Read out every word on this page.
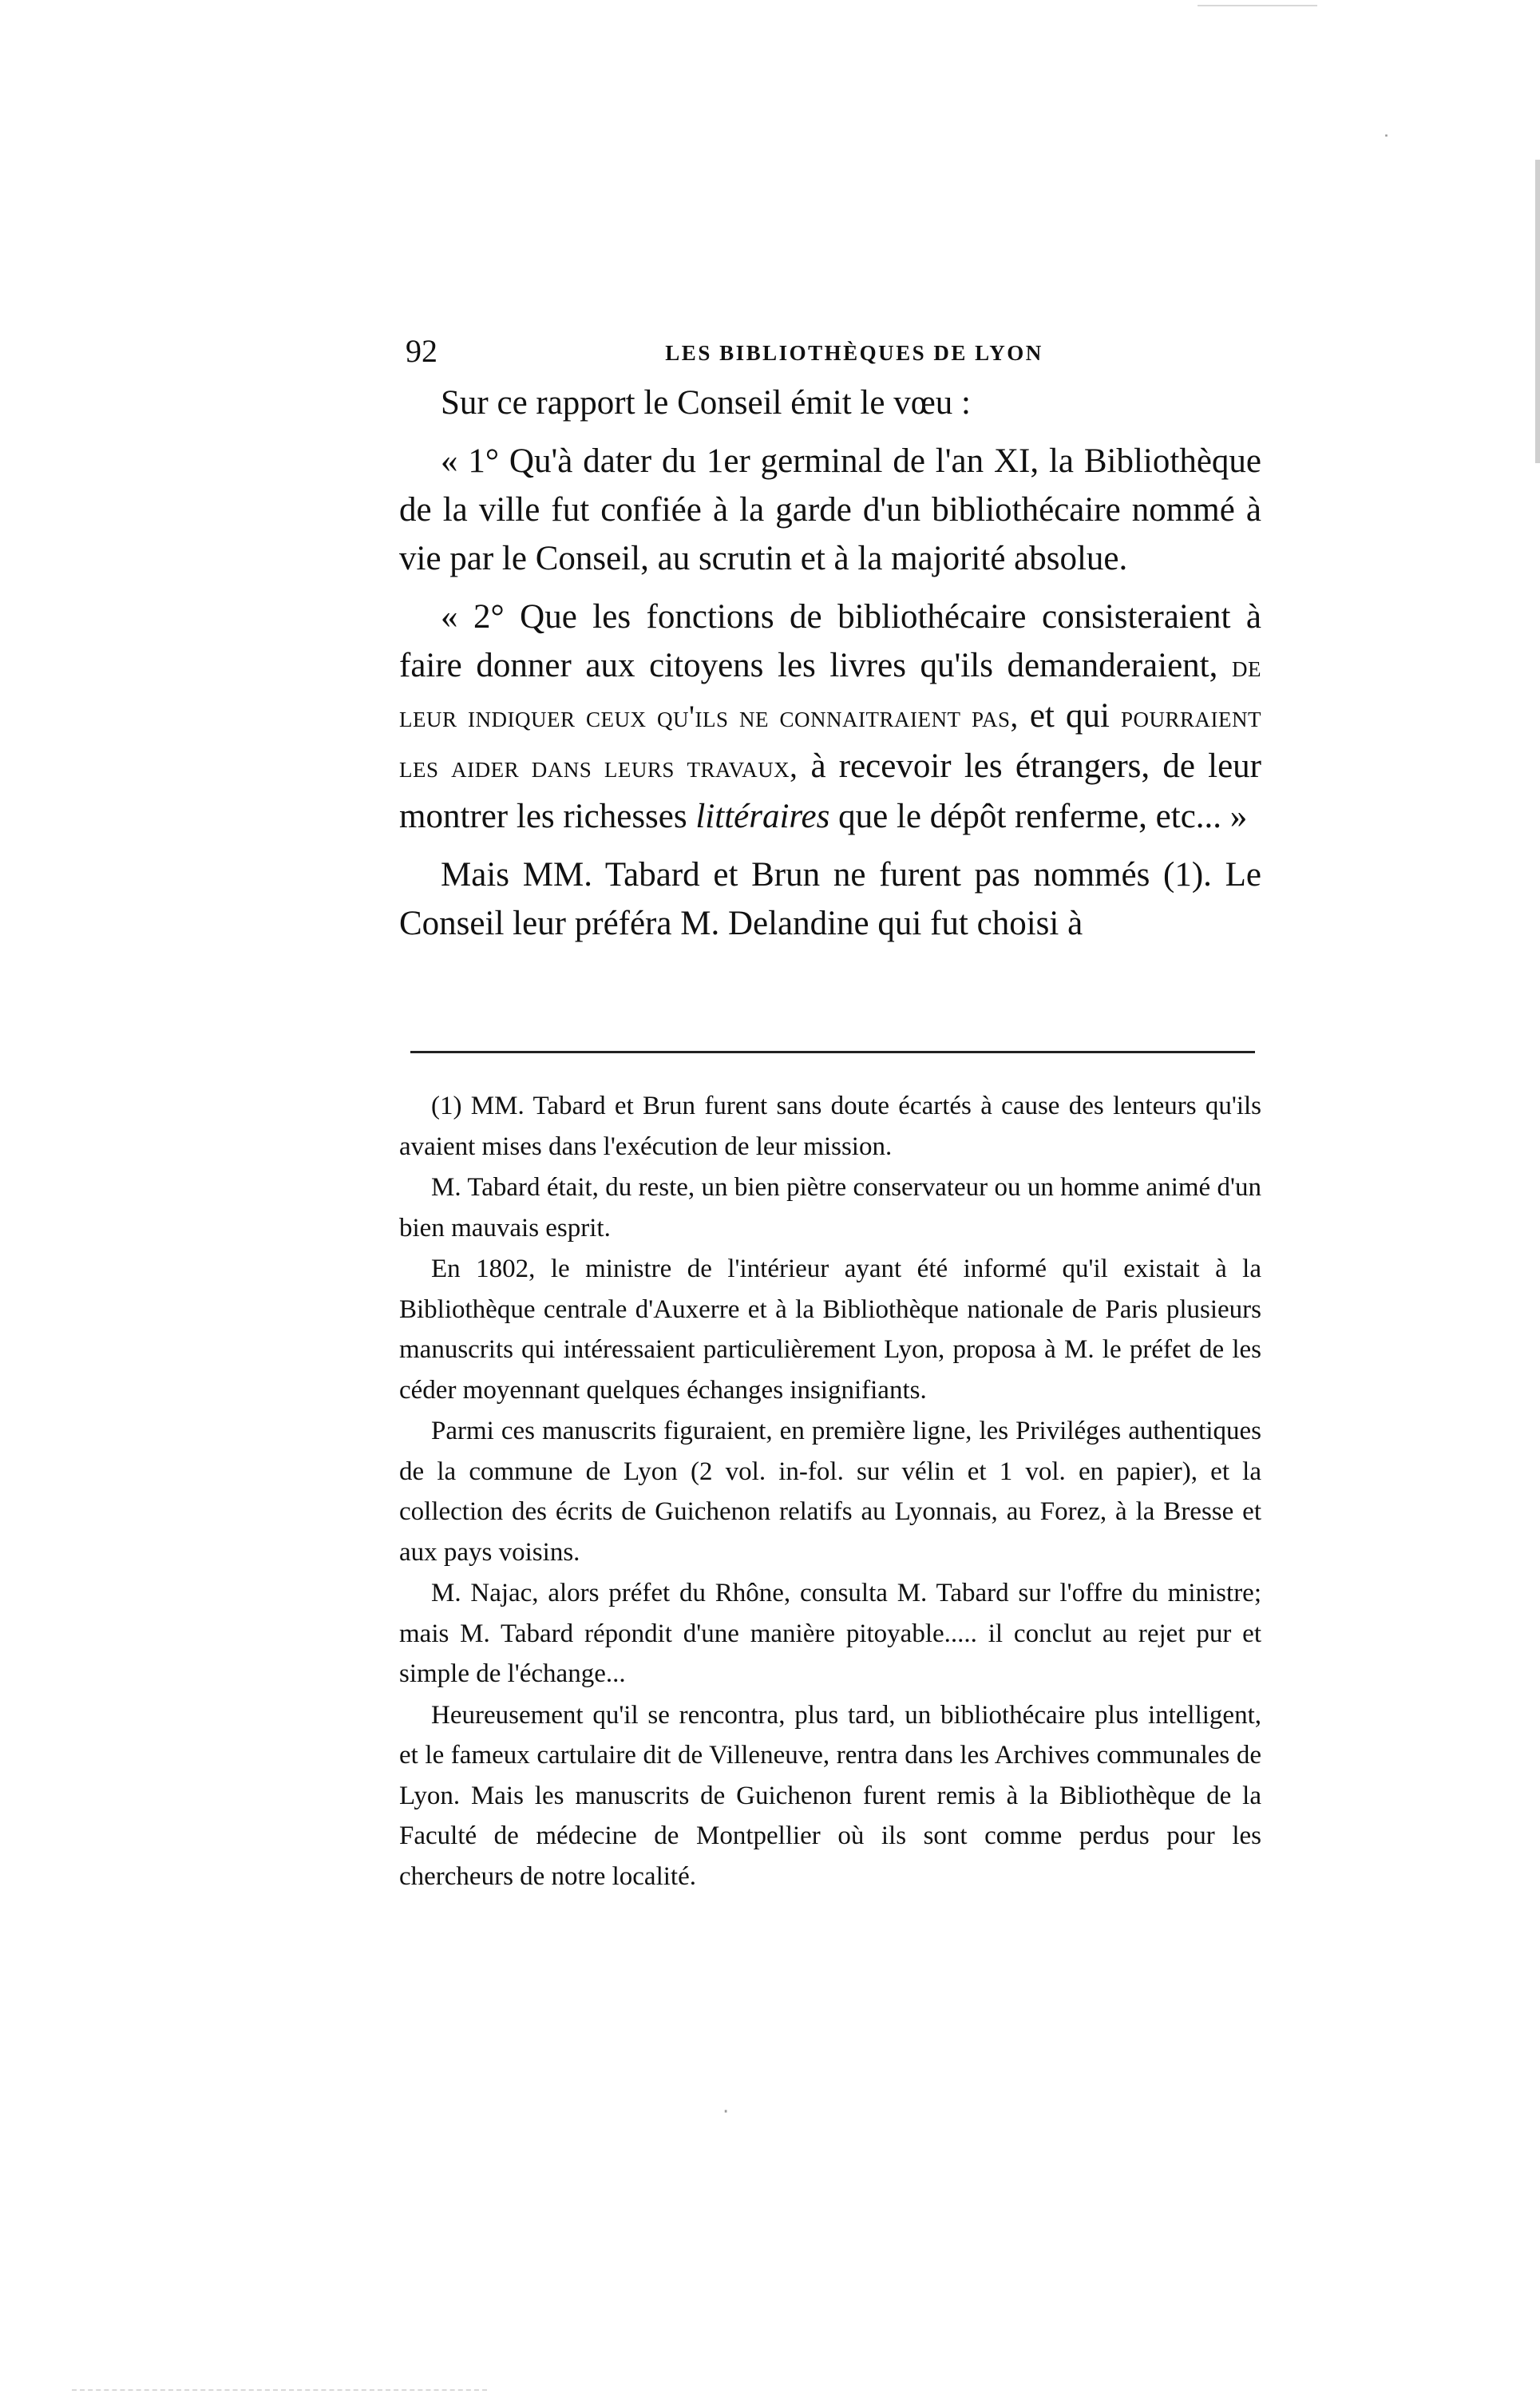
˙
92	LES BIBLIOTHÈQUES DE LYON

Sur ce rapport le Conseil émit le vœu :

« 1° Qu'à dater du 1er germinal de l'an XI, la Bibliothèque de la ville fut confiée à la garde d'un bibliothécaire nommé à vie par le Conseil, au scrutin et à la majorité absolue.

« 2° Que les fonctions de bibliothécaire consisteraient à faire donner aux citoyens les livres qu'ils demanderaient, de leur indiquer ceux qu'ils ne connaitraient pas, et qui pourraient les aider dans leurs travaux, à recevoir les étrangers, de leur montrer les richesses littéraires que le dépôt renferme, etc... »

Mais MM. Tabard et Brun ne furent pas nommés (1). Le Conseil leur préféra M. Delandine qui fut choisi à

(1) MM. Tabard et Brun furent sans doute écartés à cause des lenteurs qu'ils avaient mises dans l'exécution de leur mission.

M. Tabard était, du reste, un bien piètre conservateur ou un homme animé d'un bien mauvais esprit.

En 1802, le ministre de l'intérieur ayant été informé qu'il existait à la Bibliothèque centrale d'Auxerre et à la Bibliothèque nationale de Paris plusieurs manuscrits qui intéressaient particulièrement Lyon, proposa à M. le préfet de les céder moyennant quelques échanges insignifiants.

Parmi ces manuscrits figuraient, en première ligne, les Priviléges authentiques de la commune de Lyon (2 vol. in-fol. sur vélin et 1 vol. en papier), et la collection des écrits de Guichenon relatifs au Lyonnais, au Forez, à la Bresse et aux pays voisins.

M. Najac, alors préfet du Rhône, consulta M. Tabard sur l'offre du ministre; mais M. Tabard répondit d'une manière pitoyable..... il conclut au rejet pur et simple de l'échange...

Heureusement qu'il se rencontra, plus tard, un bibliothécaire plus intelligent, et le fameux cartulaire dit de Villeneuve, rentra dans les Archives communales de Lyon. Mais les manuscrits de Guichenon furent remis à la Bibliothèque de la Faculté de médecine de Montpellier où ils sont comme perdus pour les chercheurs de notre localité.

·
